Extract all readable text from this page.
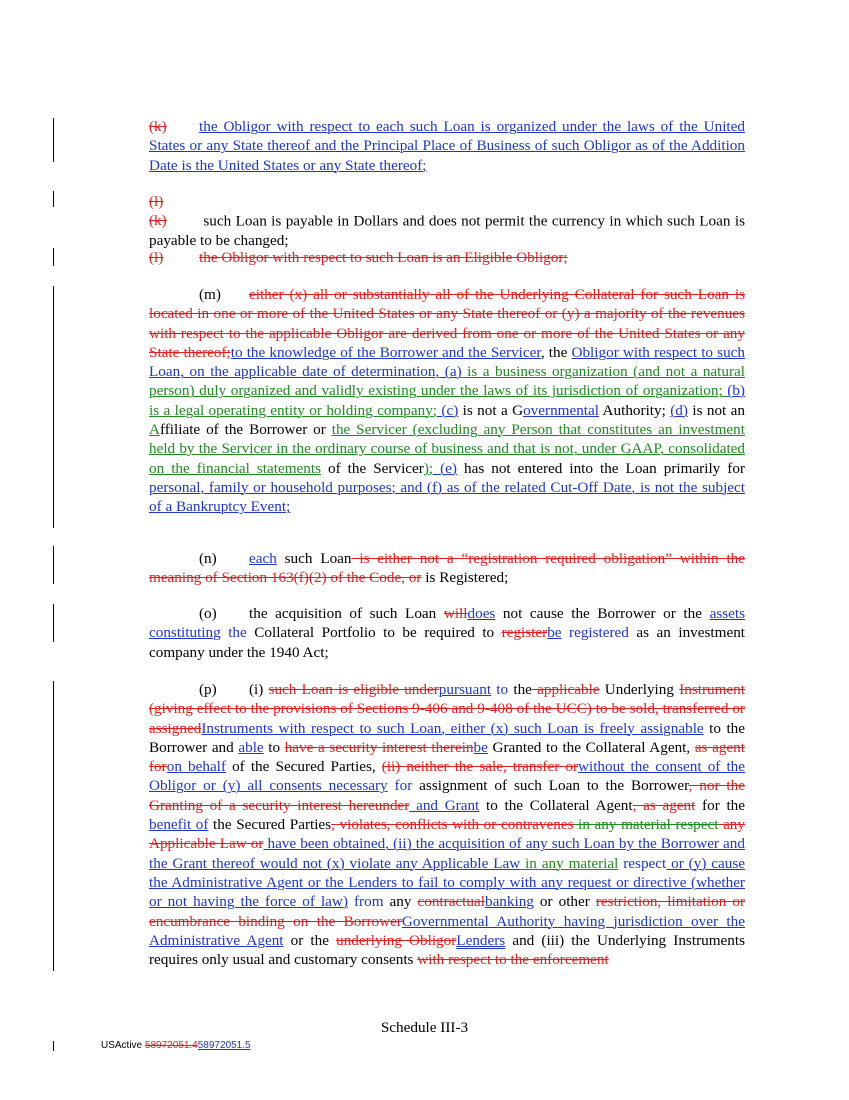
(k) the Obligor with respect to each such Loan is organized under the laws of the United States or any State thereof and the Principal Place of Business of such Obligor as of the Addition Date is the United States or any State thereof;
(l)(k) such Loan is payable in Dollars and does not permit the currency in which such Loan is payable to be changed;
(l) the Obligor with respect to such Loan is an Eligible Obligor;
(m) either (x) all or substantially all of the Underlying Collateral for such Loan is located in one or more of the United States or any State thereof or (y) a majority of the revenues with respect to the applicable Obligor are derived from one or more of the United States or any State thereof;to the knowledge of the Borrower and the Servicer, the Obligor with respect to such Loan, on the applicable date of determination, (a) is a business organization (and not a natural person) duly organized and validly existing under the laws of its jurisdiction of organization; (b) is a legal operating entity or holding company; (c) is not a Governmental Authority; (d) is not an Affiliate of the Borrower or the Servicer (excluding any Person that constitutes an investment held by the Servicer in the ordinary course of business and that is not, under GAAP, consolidated on the financial statements of the Servicer); (e) has not entered into the Loan primarily for personal, family or household purposes; and (f) as of the related Cut-Off Date, is not the subject of a Bankruptcy Event;
(n) each such Loan is either not a “registration required obligation” within the meaning of Section 163(f)(2) of the Code, or is Registered;
(o) the acquisition of such Loan willdoes not cause the Borrower or the assets constituting the Collateral Portfolio to be required to registerbe registered as an investment company under the 1940 Act;
(p) (i) such Loan is eligible underpursuant to the applicable Underlying Instrument (giving effect to the provisions of Sections 9-406 and 9-408 of the UCC) to be sold, transferred or assignedInstruments with respect to such Loan, either (x) such Loan is freely assignable to the Borrower and able to have a security interest thereinbe Granted to the Collateral Agent, as agent foron behalf of the Secured Parties, (ii) neither the sale, transfer orwithout the consent of the Obligor or (y) all consents necessary for assignment of such Loan to the Borrower, nor the Granting of a security interest hereunder and Grant to the Collateral Agent, as agent for the benefit of the Secured Parties, violates, conflicts with or contravenes in any material respect any Applicable Law or have been obtained, (ii) the acquisition of any such Loan by the Borrower and the Grant thereof would not (x) violate any Applicable Law in any material respect or (y) cause the Administrative Agent or the Lenders to fail to comply with any request or directive (whether or not having the force of law) from any contractualbanking or other restriction, limitation or encumbrance binding on the BorrowerGovernmental Authority having jurisdiction over the Administrative Agent or the underlying ObligorLenders and (iii) the Underlying Instruments requires only usual and customary consents with respect to the enforcement
Schedule III-3
USActive 58972051.458972051.5
